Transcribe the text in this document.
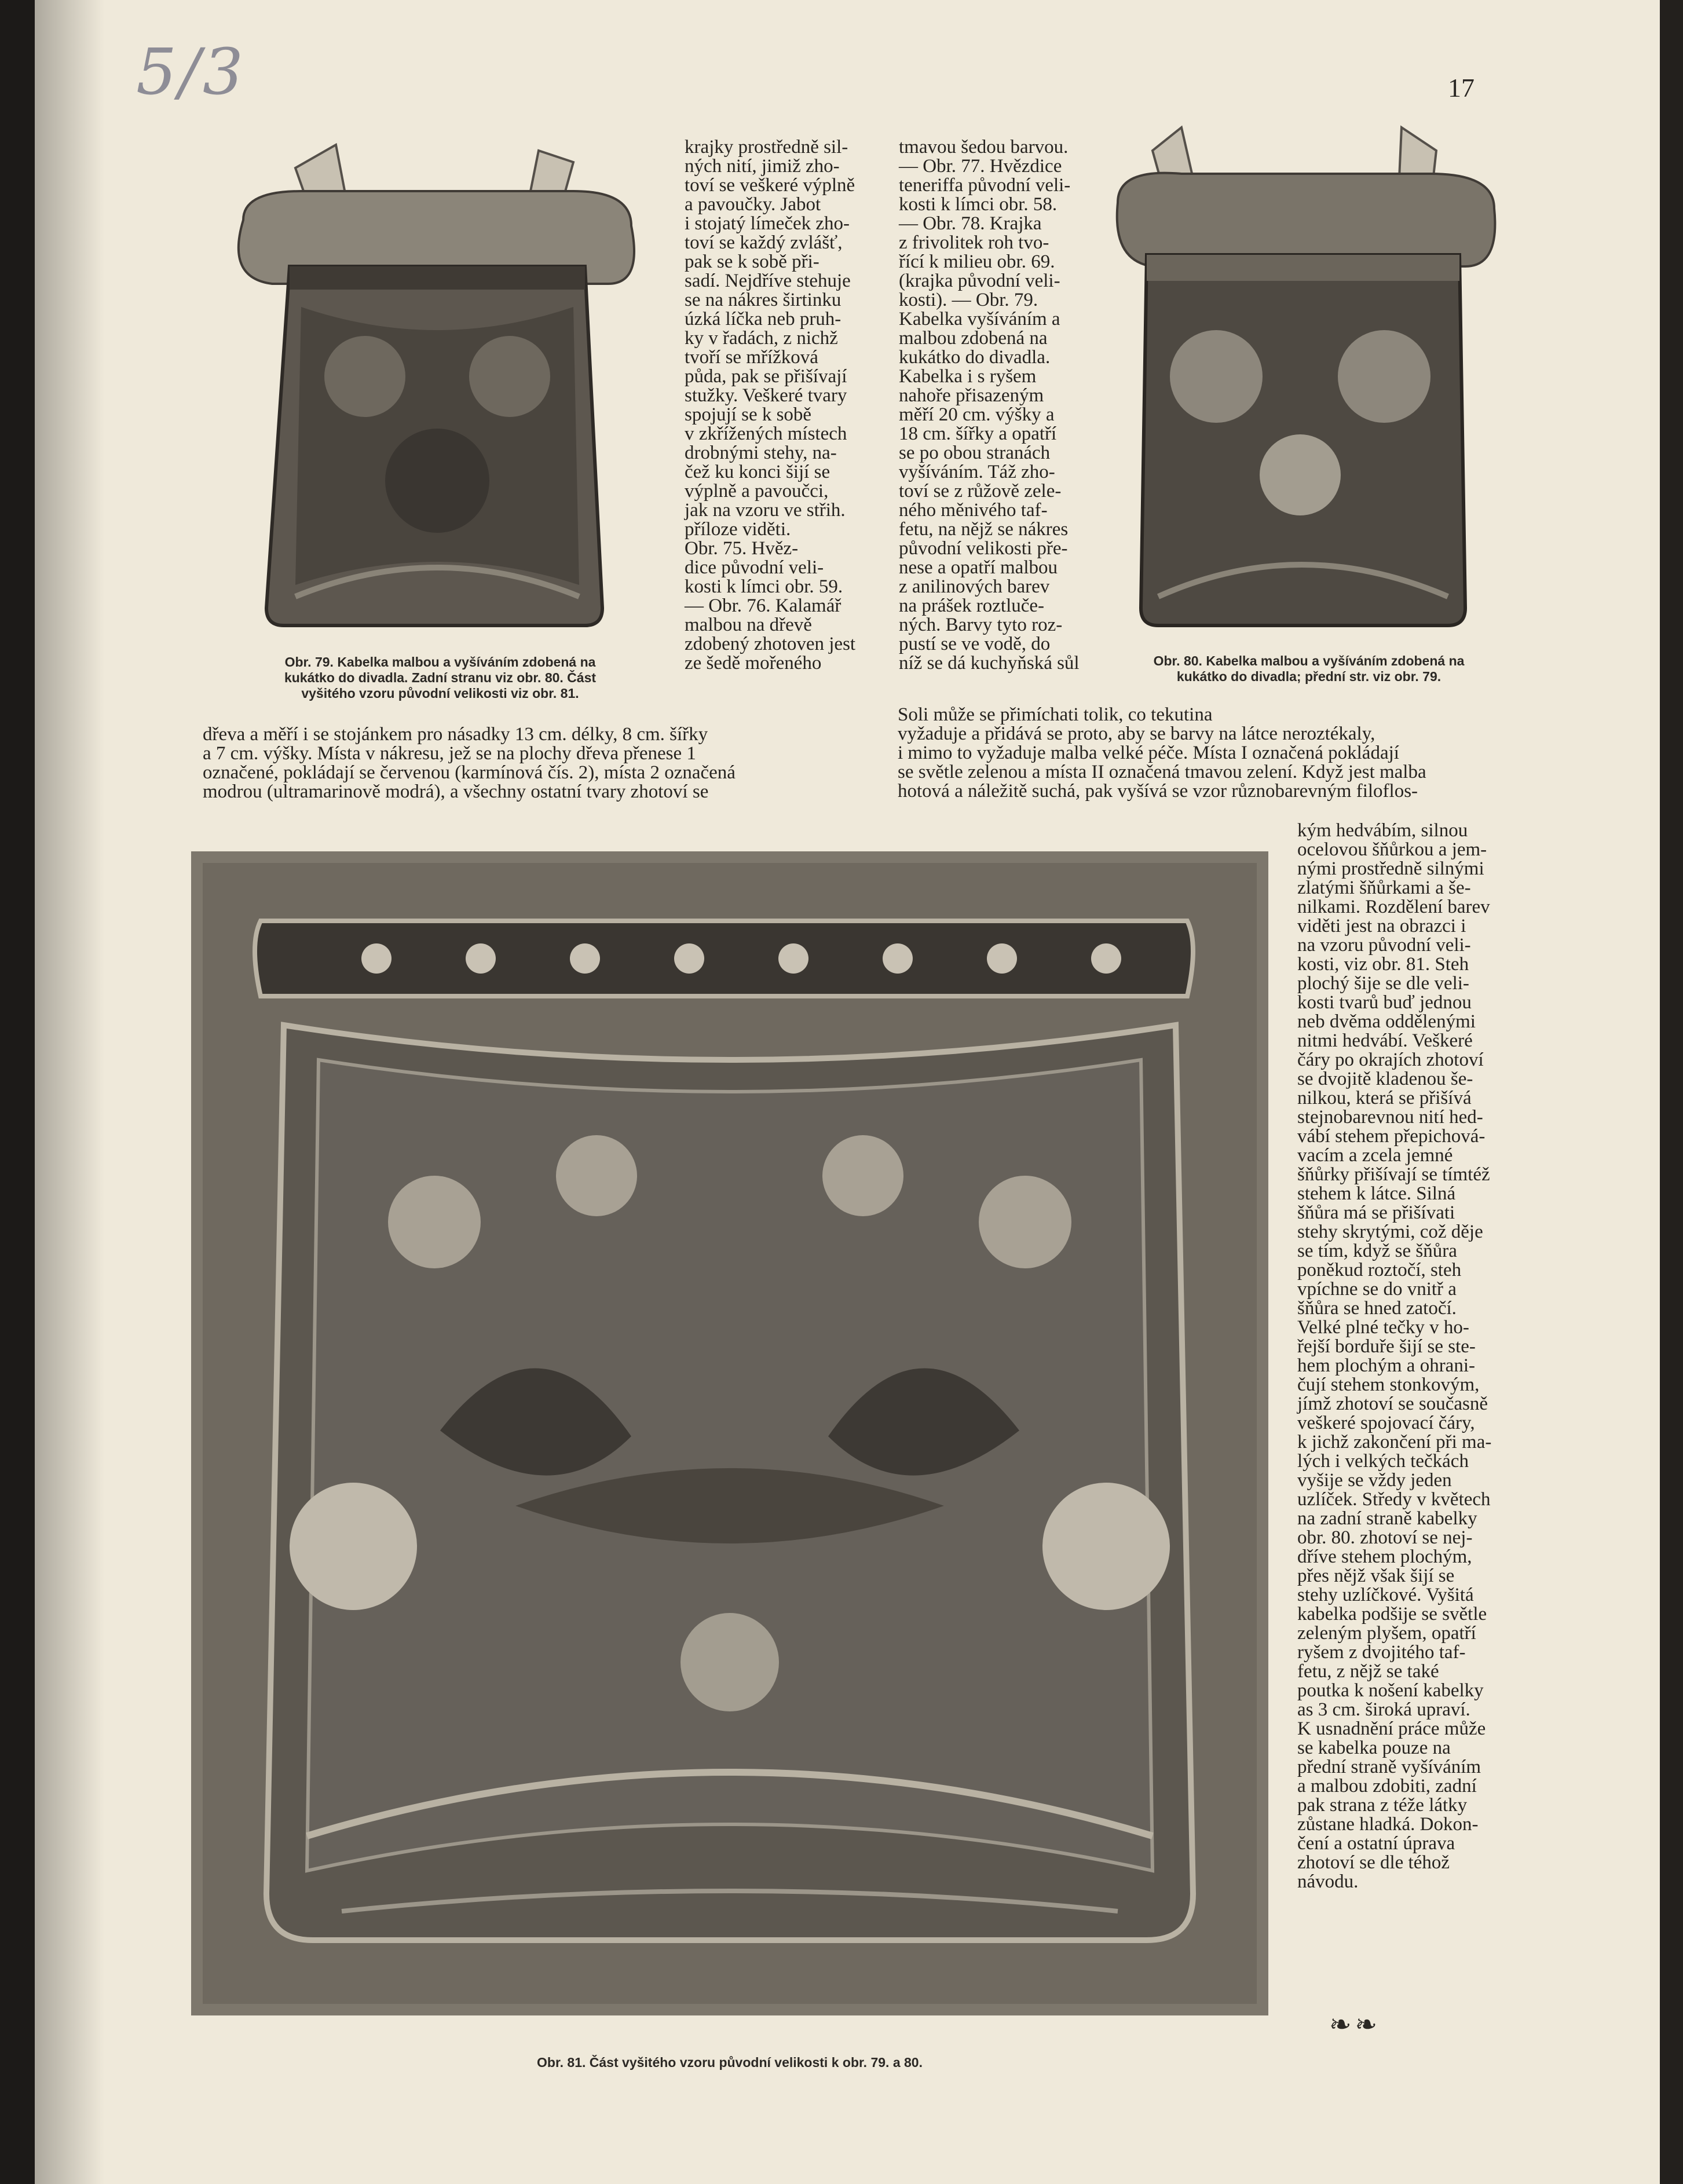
5/3	17

Obr. 79. Kabelka malbou a vyšíváním zdobená na
kukátko do divadla. Zadní stranu viz obr. 80. Část
vyšitého vzoru původní velikosti viz obr. 81.

Obr. 80. Kabelka malbou a vyšíváním zdobená na
kukátko do divadla; přední str. viz obr. 79.

krajky prostředně sil-
ných nití, jimiž zho-
toví se veškeré výplně
a pavoučky. Jabot
i stojatý límeček zho-
toví se každý zvlášť,
pak se k sobě při-
sadí. Nejdříve stehuje
se na nákres širtinku
úzká líčka neb pruh-
ky v řadách, z nichž
tvoří se mřížková
půda, pak se přišívají
stužky. Veškeré tvary
spojují se k sobě
v zkřížených místech
drobnými stehy, na-
čež ku konci šijí se
výplně a pavoučci,
jak na vzoru ve střih.
příloze viděti.
Obr. 75. Hvěz-
dice původní veli-
kosti k límci obr. 59.
— Obr. 76. Kalamář
malbou na dřevě
zdobený zhotoven jest
ze šedě mořeného

tmavou šedou barvou.
— Obr. 77. Hvězdice
teneriffa původní veli-
kosti k límci obr. 58.
— Obr. 78. Krajka
z frivolitek roh tvo-
řící k milieu obr. 69.
(krajka původní veli-
kosti). — Obr. 79.
Kabelka vyšíváním a
malbou zdobená na
kukátko do divadla.
Kabelka i s ryšem
nahoře přisazeným
měří 20 cm. výšky a
18 cm. šířky a opatří
se po obou stranách
vyšíváním. Táž zho-
toví se z růžově zele-
ného měnivého taf-
fetu, na nějž se nákres
původní velikosti pře-
nese a opatří malbou
z anilinových barev
na prášek roztluče-
ných. Barvy tyto roz-
pustí se ve vodě, do
níž se dá kuchyňská sůl

dřeva a měří i se stojánkem pro násadky 13 cm. délky, 8 cm. šířky
a 7 cm. výšky. Místa v nákresu, jež se na plochy dřeva přenese 1
označené, pokládají se červenou (karmínová čís. 2), místa 2 označená
modrou (ultramarinově modrá), a všechny ostatní tvary zhotoví se

Soli může se přimíchati tolik, co tekutina
vyžaduje a přidává se proto, aby se barvy na látce neroztékaly,
i mimo to vyžaduje malba velké péče. Místa I označená pokládají
se světle zelenou a místa II označená tmavou zelení. Když jest malba
hotová a náležitě suchá, pak vyšívá se vzor různobarevným filoflos-

kým hedvábím, silnou
ocelovou šňůrkou a jem-
nými prostředně silnými
zlatými šňůrkami a še-
nilkami. Rozdělení barev
viděti jest na obrazci i
na vzoru původní veli-
kosti, viz obr. 81. Steh
plochý šije se dle veli-
kosti tvarů buď jednou
neb dvěma oddělenými
nitmi hedvábí. Veškeré
čáry po okrajích zhotoví
se dvojitě kladenou še-
nilkou, která se přišívá
stejnobarevnou nití hed-
vábí stehem přepichová-
vacím a zcela jemné
šňůrky přišívají se tímtéž
stehem k látce. Silná
šňůra má se přišívati
stehy skrytými, což děje
se tím, když se šňůra
poněkud roztočí, steh
vpíchne se do vnitř a
šňůra se hned zatočí.
Velké plné tečky v ho-
řejší borduře šijí se ste-
hem plochým a ohrani-
čují stehem stonkovým,
jímž zhotoví se současně
veškeré spojovací čáry,
k jichž zakončení při ma-
lých i velkých tečkách
vyšije se vždy jeden
uzlíček. Středy v květech
na zadní straně kabelky
obr. 80. zhotoví se nej-
dříve stehem plochým,
přes nějž však šijí se
stehy uzlíčkové. Vyšitá
kabelka podšije se světle
zeleným plyšem, opatří
ryšem z dvojitého taf-
fetu, z nějž se také
poutka k nošení kabelky
as 3 cm. široká upraví.
K usnadnění práce může
se kabelka pouze na
přední straně vyšíváním
a malbou zdobiti, zadní
pak strana z téže látky
zůstane hladká. Dokon-
čení a ostatní úprava
zhotoví se dle téhož
návodu.

Obr. 81. Část vyšitého vzoru původní velikosti k obr. 79. a 80.

❧❧
